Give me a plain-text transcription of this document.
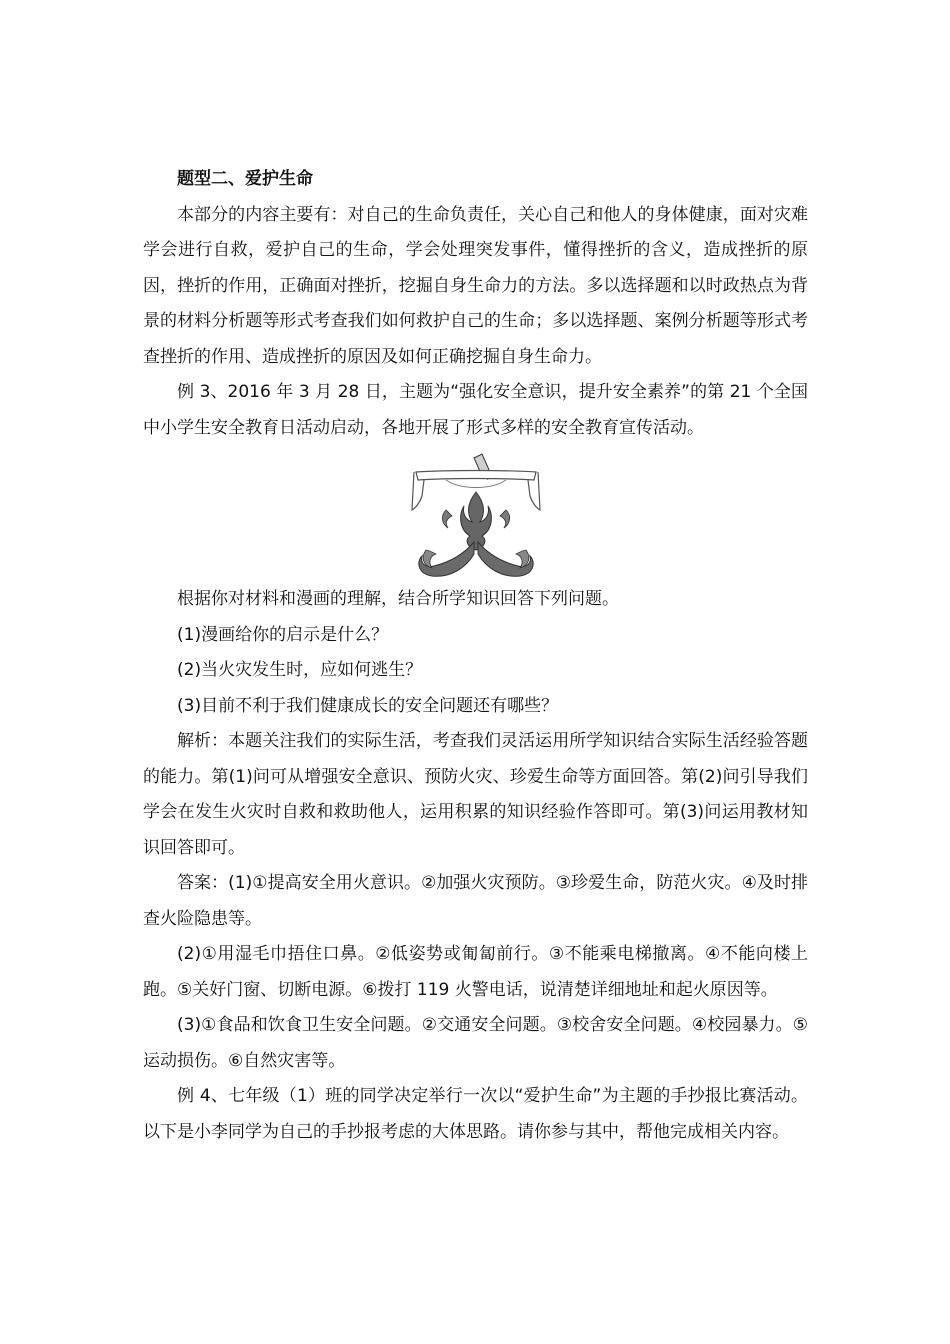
题型二、爱护生命

本部分的内容主要有：对自己的生命负责任，关心自己和他人的身体健康，面对灾难学会进行自救，爱护自己的生命，学会处理突发事件，懂得挫折的含义，造成挫折的原因，挫折的作用，正确面对挫折，挖掘自身生命力的方法。多以选择题和以时政热点为背景的材料分析题等形式考查我们如何救护自己的生命；多以选择题、案例分析题等形式考查挫折的作用、造成挫折的原因及如何正确挖掘自身生命力。

例 3、2016 年 3 月 28 日，主题为“强化安全意识，提升安全素养”的第 21 个全国中小学生安全教育日活动启动，各地开展了形式多样的安全教育宣传活动。

根据你对材料和漫画的理解，结合所学知识回答下列问题。

(1)漫画给你的启示是什么？

(2)当火灾发生时，应如何逃生？

(3)目前不利于我们健康成长的安全问题还有哪些？

解析：本题关注我们的实际生活，考查我们灵活运用所学知识结合实际生活经验答题的能力。第(1)问可从增强安全意识、预防火灾、珍爱生命等方面回答。第(2)问引导我们学会在发生火灾时自救和救助他人，运用积累的知识经验作答即可。第(3)问运用教材知识回答即可。

答案：(1)①提高安全用火意识。②加强火灾预防。③珍爱生命，防范火灾。④及时排查火险隐患等。

(2)①用湿毛巾捂住口鼻。②低姿势或匍匐前行。③不能乘电梯撤离。④不能向楼上跑。⑤关好门窗、切断电源。⑥拨打 119 火警电话，说清楚详细地址和起火原因等。

(3)①食品和饮食卫生安全问题。②交通安全问题。③校舍安全问题。④校园暴力。⑤运动损伤。⑥自然灾害等。

例 4、七年级（1）班的同学决定举行一次以“爱护生命”为主题的手抄报比赛活动。以下是小李同学为自己的手抄报考虑的大体思路。请你参与其中，帮他完成相关内容。
